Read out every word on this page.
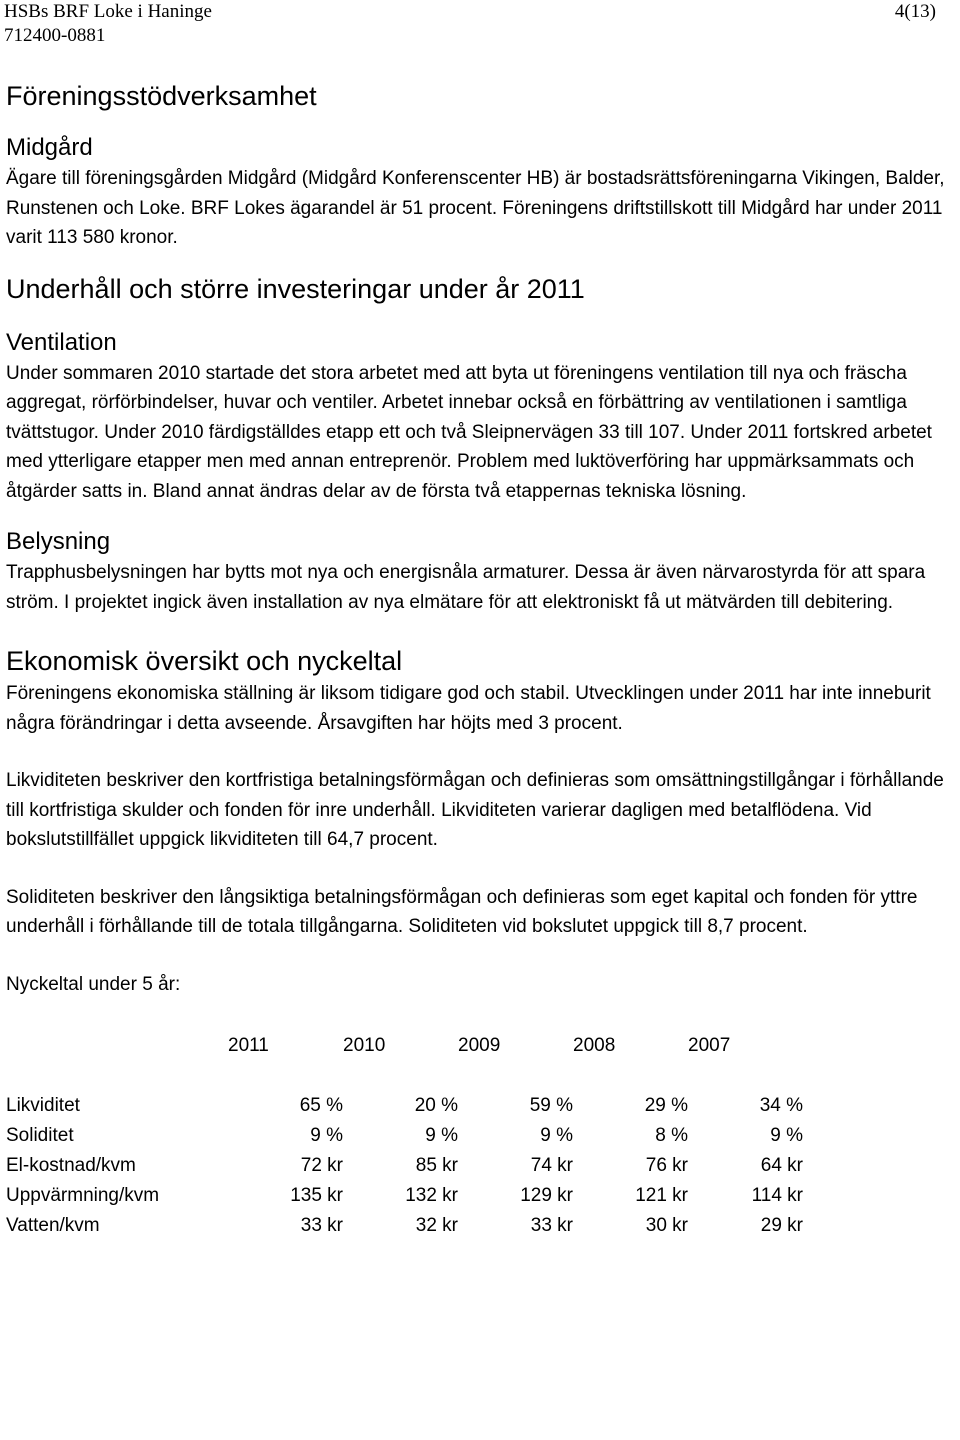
HSBs BRF Loke i Haninge	4(13)
712400-0881
Föreningsstödverksamhet
Midgård

Ägare till föreningsgården Midgård (Midgård Konferenscenter HB) är bostadsrättsföreningarna Vikingen, Balder, Runstenen och Loke. BRF Lokes ägarandel är 51 procent. Föreningens driftstillskott till Midgård har under 2011 varit 113 580 kronor.

Underhåll och större investeringar under år 2011
Ventilation

Under sommaren 2010 startade det stora arbetet med att byta ut föreningens ventilation till nya och fräscha aggregat, rörförbindelser, huvar och ventiler. Arbetet innebar också en förbättring av ventilationen i samtliga tvättstugor. Under 2010 färdigställdes etapp ett och två Sleipnervägen 33 till 107. Under 2011 fortskred arbetet med ytterligare etapper men med annan entreprenör. Problem med luktöverföring har uppmärksammats och åtgärder satts in. Bland annat ändras delar av de första två etappernas tekniska lösning.

Belysning

Trapphusbelysningen har bytts mot nya och energisnåla armaturer. Dessa är även närvarostyrda för att spara ström. I projektet ingick även installation av nya elmätare för att elektroniskt få ut mätvärden till debitering.

Ekonomisk översikt och nyckeltal

Föreningens ekonomiska ställning är liksom tidigare god och stabil. Utvecklingen under 2011 har inte inneburit några förändringar i detta avseende. Årsavgiften har höjts med 3 procent.

Likviditeten beskriver den kortfristiga betalningsförmågan och definieras som omsättningstillgångar i förhållande till kortfristiga skulder och fonden för inre underhåll. Likviditeten varierar dagligen med betalflödena. Vid bokslutstillfället uppgick likviditeten till 64,7 procent.

Soliditeten beskriver den långsiktiga betalningsförmågan och definieras som eget kapital och fonden för yttre underhåll i förhållande till de totala tillgångarna. Soliditeten vid bokslutet uppgick till 8,7 procent.

Nyckeltal under 5 år:

	2011	2010	2009	2008	2007

Likviditet	65 %	20 %	59 %	29 %	34 %
Soliditet	9 %	9 %	9 %	8 %	9 %
El-kostnad/kvm	72 kr	85 kr	74 kr	76 kr	64 kr
Uppvärmning/kvm	135 kr	132 kr	129 kr	121 kr	114 kr
Vatten/kvm	33 kr	32 kr	33 kr	30 kr	29 kr
